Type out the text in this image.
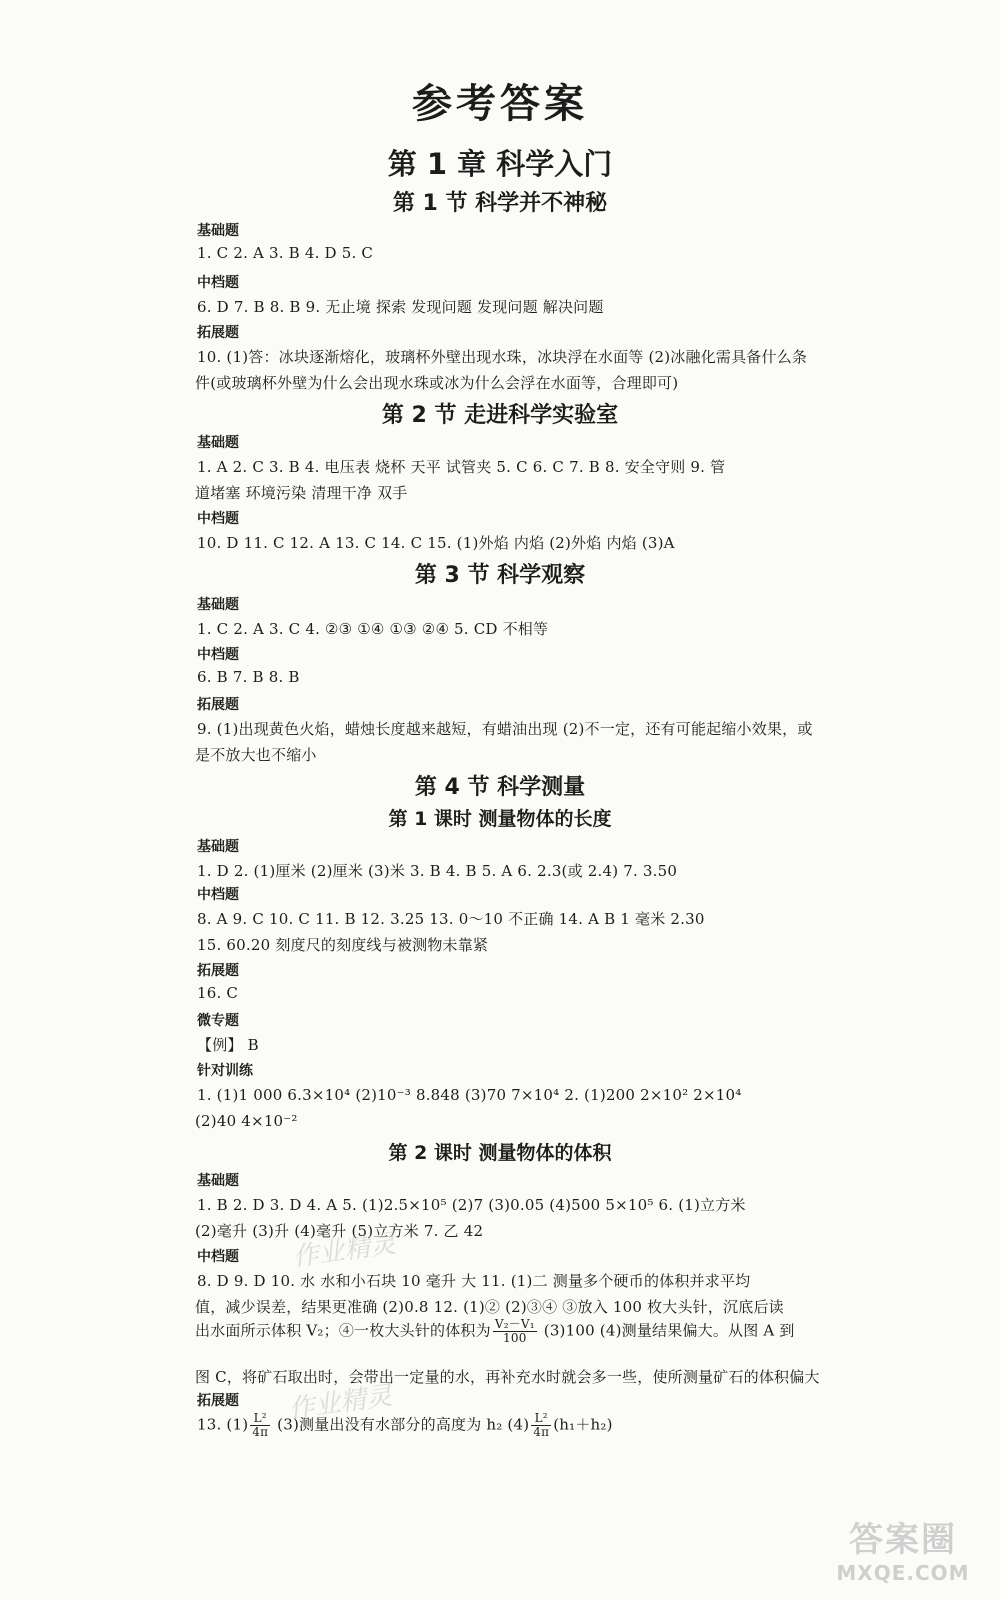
参考答案
第 1 章 科学入门
第 1 节 科学并不神秘
基础题
1. C 2. A 3. B 4. D 5. C
中档题
6. D 7. B 8. B 9. 无止境 探索 发现问题 发现问题 解决问题
拓展题
10. (1)答：冰块逐渐熔化，玻璃杯外壁出现水珠，冰块浮在水面等 (2)冰融化需具备什么条
件(或玻璃杯外壁为什么会出现水珠或冰为什么会浮在水面等，合理即可)
第 2 节 走进科学实验室
基础题
1. A 2. C 3. B 4. 电压表 烧杯 天平 试管夹 5. C 6. C 7. B 8. 安全守则 9. 管
道堵塞 环境污染 清理干净 双手
中档题
10. D 11. C 12. A 13. C 14. C 15. (1)外焰 内焰 (2)外焰 内焰 (3)A
第 3 节 科学观察
基础题
1. C 2. A 3. C 4. ②③ ①④ ①③ ②④ 5. CD 不相等
中档题
6. B 7. B 8. B
拓展题
9. (1)出现黄色火焰，蜡烛长度越来越短，有蜡油出现 (2)不一定，还有可能起缩小效果，或
是不放大也不缩小
第 4 节 科学测量
第 1 课时 测量物体的长度
基础题
1. D 2. (1)厘米 (2)厘米 (3)米 3. B 4. B 5. A 6. 2.3(或 2.4) 7. 3.50
中档题
8. A 9. C 10. C 11. B 12. 3.25 13. 0～10 不正确 14. A B 1 毫米 2.30
15. 60.20 刻度尺的刻度线与被测物未靠紧
拓展题
16. C
微专题
【例】 B
针对训练
1. (1)1 000 6.3×10⁴ (2)10⁻³ 8.848 (3)70 7×10⁴ 2. (1)200 2×10² 2×10⁴
(2)40 4×10⁻²
第 2 课时 测量物体的体积
基础题
1. B 2. D 3. D 4. A 5. (1)2.5×10⁵ (2)7 (3)0.05 (4)500 5×10⁵ 6. (1)立方米
(2)毫升 (3)升 (4)毫升 (5)立方米 7. 乙 42
中档题
8. D 9. D 10. 水 水和小石块 10 毫升 大 11. (1)二 测量多个硬币的体积并求平均
值，减少误差，结果更准确 (2)0.8 12. (1)② (2)③④ ③放入 100 枚大头针，沉底后读
出水面所示体积 V₂；④一枚大头针的体积为 $\frac{\text{V₂－V₁}}{100} (3)100$ (4)测量结果偏大。从图 A 到
图 C，将矿石取出时，会带出一定量的水，再补充水时就会多一些，使所测量矿石的体积偏大
拓展题
13. $(1) \frac{\text{L²}}{4\pi} (3)$测量出没有水部分的高度为 h₂ $(4) \frac{\text{L²}}{4\pi} (h_1+h_2)$
作业精灵
作业精灵
答案圈
MXQE.COM
